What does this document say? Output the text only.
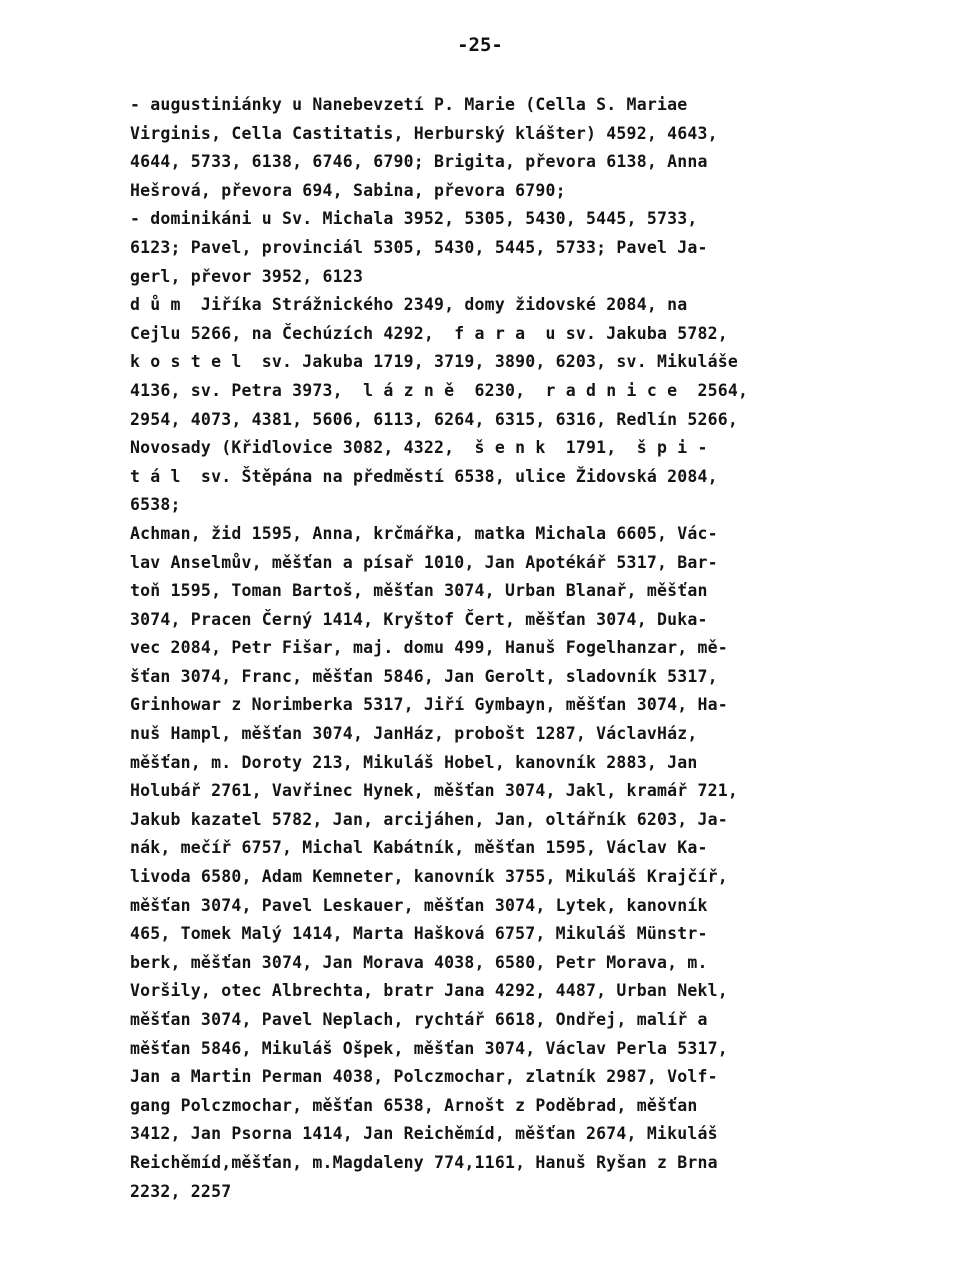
-25-
- augustiniánky u Nanebevzetí P. Marie (Cella S. Mariae
Virginis, Cella Castitatis, Herburský klášter) 4592, 4643,
4644, 5733, 6138, 6746, 6790; Brigita, převora 6138, Anna
Hešrová, převora 694, Sabina, převora 6790;
- dominikáni u Sv. Michala 3952, 5305, 5430, 5445, 5733,
6123; Pavel, provinciál 5305, 5430, 5445, 5733; Pavel Ja-
gerl, převor 3952, 6123
d ů m  Jiříka Strážnického 2349, domy židovské 2084, na
Cejlu 5266, na Čechúzích 4292,  f a r a  u sv. Jakuba 5782,
k o s t e l  sv. Jakuba 1719, 3719, 3890, 6203, sv. Mikuláše
4136, sv. Petra 3973,  l á z n ě  6230,  r a d n i c e  2564,
2954, 4073, 4381, 5606, 6113, 6264, 6315, 6316, Redlín 5266,
Novosady (Křidlovice 3082, 4322,  š e n k  1791,  š p i -
t á l  sv. Štěpána na předměstí 6538, ulice Židovská 2084,
6538;
Achman, žid 1595, Anna, krčmářka, matka Michala 6605, Vác-
lav Anselmův, měšťan a písař 1010, Jan Apotékář 5317, Bar-
toň 1595, Toman Bartoš, měšťan 3074, Urban Blanař, měšťan
3074, Pracen Černý 1414, Kryštof Čert, měšťan 3074, Duka-
vec 2084, Petr Fišar, maj. domu 499, Hanuš Fogelhanzar, mě-
šťan 3074, Franc, měšťan 5846, Jan Gerolt, sladovník 5317,
Grinhowar z Norimberka 5317, Jiří Gymbayn, měšťan 3074, Ha-
nuš Hampl, měšťan 3074, JanHáz, probošt 1287, VáclavHáz,
měšťan, m. Doroty 213, Mikuláš Hobel, kanovník 2883, Jan
Holubář 2761, Vavřinec Hynek, měšťan 3074, Jakl, kramář 721,
Jakub kazatel 5782, Jan, arcijáhen, Jan, oltářník 6203, Ja-
nák, mečíř 6757, Michal Kabátník, měšťan 1595, Václav Ka-
livoda 6580, Adam Kemneter, kanovník 3755, Mikuláš Krajčíř,
měšťan 3074, Pavel Leskauer, měšťan 3074, Lytek, kanovník
465, Tomek Malý 1414, Marta Hašková 6757, Mikuláš Münstr-
berk, měšťan 3074, Jan Morava 4038, 6580, Petr Morava, m.
Voršily, otec Albrechta, bratr Jana 4292, 4487, Urban Nekl,
měšťan 3074, Pavel Neplach, rychtář 6618, Ondřej, malíř a
měšťan 5846, Mikuláš Ošpek, měšťan 3074, Václav Perla 5317,
Jan a Martin Perman 4038, Polczmochar, zlatník 2987, Volf-
gang Polczmochar, měšťan 6538, Arnošt z Poděbrad, měšťan
3412, Jan Psorna 1414, Jan Reichěmíd, měšťan 2674, Mikuláš
Reichěmíd,měšťan, m.Magdaleny 774,1161, Hanuš Ryšan z Brna
2232, 2257
